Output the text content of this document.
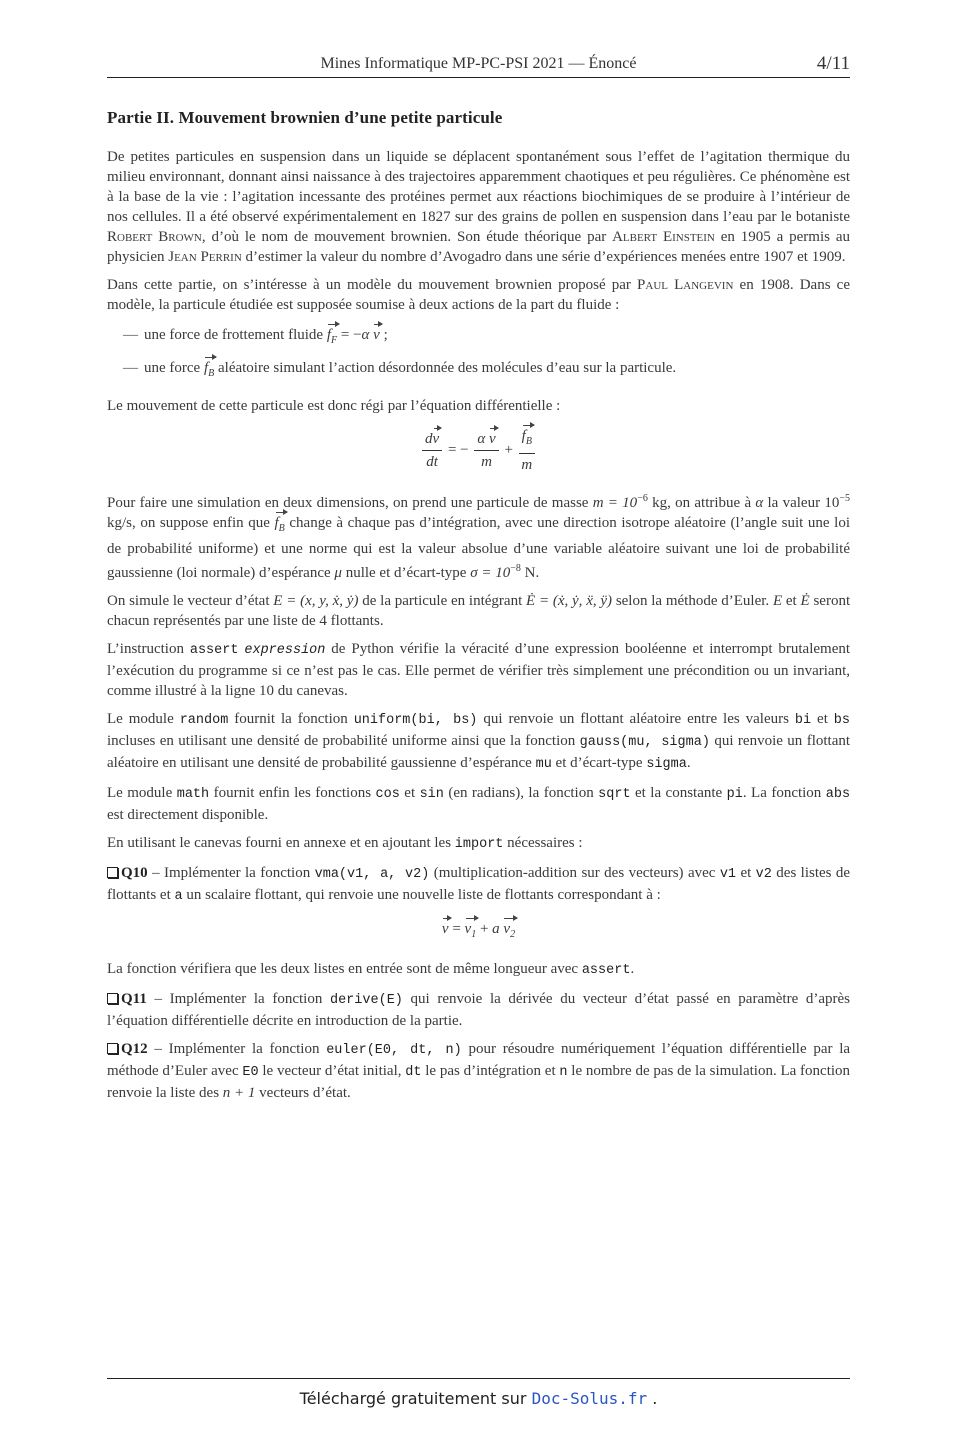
Mines Informatique MP-PC-PSI 2021 — Énoncé	4/11
Partie II. Mouvement brownien d’une petite particule

De petites particules en suspension dans un liquide se déplacent spontanément sous l’effet de l’agitation thermique du milieu environnant, donnant ainsi naissance à des trajectoires apparemment chaotiques et peu régulières. Ce phénomène est à la base de la vie : l’agitation incessante des protéines permet aux réactions biochimiques de se produire à l’intérieur de nos cellules. Il a été observé expérimentalement en 1827 sur des grains de pollen en suspension dans l’eau par le botaniste Robert Brown, d’où le nom de mouvement brownien. Son étude théorique par Albert Einstein en 1905 a permis au physicien Jean Perrin d’estimer la valeur du nombre d’Avogadro dans une série d’expériences menées entre 1907 et 1909.

Dans cette partie, on s’intéresse à un modèle du mouvement brownien proposé par Paul Langevin en 1908. Dans ce modèle, la particule étudiée est supposée soumise à deux actions de la part du fluide :

— une force de frottement fluide $f_F = -\alpha$ v ;
— une force $f_B$ aléatoire simulant l’action désordonnée des molécules d’eau sur la particule.

Le mouvement de cette particule est donc régi par l’équation différentielle :

$\frac{dv}{dt}$ = − $\frac{\text{α v}}{m} + \frac{f_B}{m}$

Pour faire une simulation en deux dimensions, on prend une particule de masse $m = 10^{-6}$ kg, on attribue à α la valeur $10^{-5}$ kg/s, on suppose enfin que $f_B$ change à chaque pas d’intégration, avec une direction isotrope aléatoire (l’angle suit une loi de probabilité uniforme) et une norme qui est la valeur absolue d’une variable aléatoire suivant une loi de probabilité gaussienne (loi normale) d’espérance μ nulle et d’écart-type $\sigma = 10^{-8}$ N.

On simule le vecteur d’état E = (x, y, ẋ, ẏ) de la particule en intégrant Ė = (ẋ, ẏ, ẍ, ÿ) selon la méthode d’Euler. E et Ė seront chacun représentés par une liste de 4 flottants.

L’instruction assert expression de Python vérifie la véracité d’une expression booléenne et interrompt brutalement l’exécution du programme si ce n’est pas le cas. Elle permet de vérifier très simplement une précondition ou un invariant, comme illustré à la ligne 10 du canevas.

Le module random fournit la fonction uniform(bi, bs) qui renvoie un flottant aléatoire entre les valeurs bi et bs incluses en utilisant une densité de probabilité uniforme ainsi que la fonction gauss(mu, sigma) qui renvoie un flottant aléatoire en utilisant une densité de probabilité gaussienne d’espérance mu et d’écart-type sigma.

Le module math fournit enfin les fonctions cos et sin (en radians), la fonction sqrt et la constante pi. La fonction abs est directement disponible.

En utilisant le canevas fourni en annexe et en ajoutant les import nécessaires :

Q10 – Implémenter la fonction vma(v1, a, v2) (multiplication-addition sur des vecteurs) avec v1 et v2 des listes de flottants et a un scalaire flottant, qui renvoie une nouvelle liste de flottants correspondant à :

$v = v_1 + a$ $v_2$

La fonction vérifiera que les deux listes en entrée sont de même longueur avec assert.

Q11 – Implémenter la fonction derive(E) qui renvoie la dérivée du vecteur d’état passé en paramètre d’après l’équation différentielle décrite en introduction de la partie.

Q12 – Implémenter la fonction euler(E0, dt, n) pour résoudre numériquement l’équation différentielle par la méthode d’Euler avec E0 le vecteur d’état initial, dt le pas d’intégration et n le nombre de pas de la simulation. La fonction renvoie la liste des n + 1 vecteurs d’état.

Téléchargé gratuitement sur Doc-Solus.fr .
